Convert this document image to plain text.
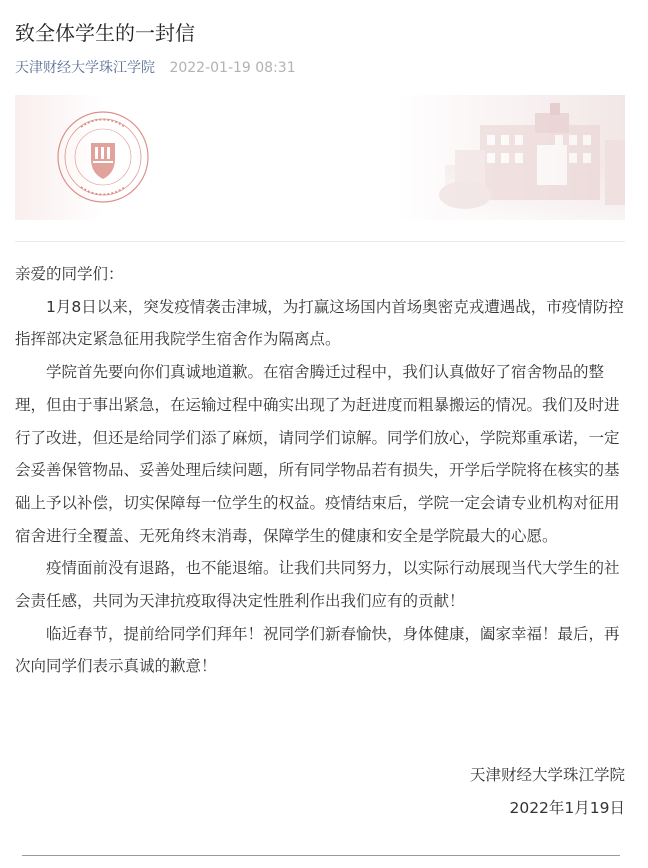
致全体学生的一封信
天津财经大学珠江学院 2022-01-19 08:31

亲爱的同学们：

1月8日以来，突发疫情袭击津城，为打赢这场国内首场奥密克戎遭遇战，市疫情防控指挥部决定紧急征用我院学生宿舍作为隔离点。

学院首先要向你们真诚地道歉。在宿舍腾迁过程中，我们认真做好了宿舍物品的整理，但由于事出紧急，在运输过程中确实出现了为赶进度而粗暴搬运的情况。我们及时进行了改进，但还是给同学们添了麻烦，请同学们谅解。同学们放心，学院郑重承诺，一定会妥善保管物品、妥善处理后续问题，所有同学物品若有损失，开学后学院将在核实的基础上予以补偿，切实保障每一位学生的权益。疫情结束后，学院一定会请专业机构对征用宿舍进行全覆盖、无死角终末消毒，保障学生的健康和安全是学院最大的心愿。

疫情面前没有退路，也不能退缩。让我们共同努力，以实际行动展现当代大学生的社会责任感，共同为天津抗疫取得决定性胜利作出我们应有的贡献！

临近春节，提前给同学们拜年！祝同学们新春愉快，身体健康，阖家幸福！最后，再次向同学们表示真诚的歉意！

天津财经大学珠江学院
2022年1月19日
